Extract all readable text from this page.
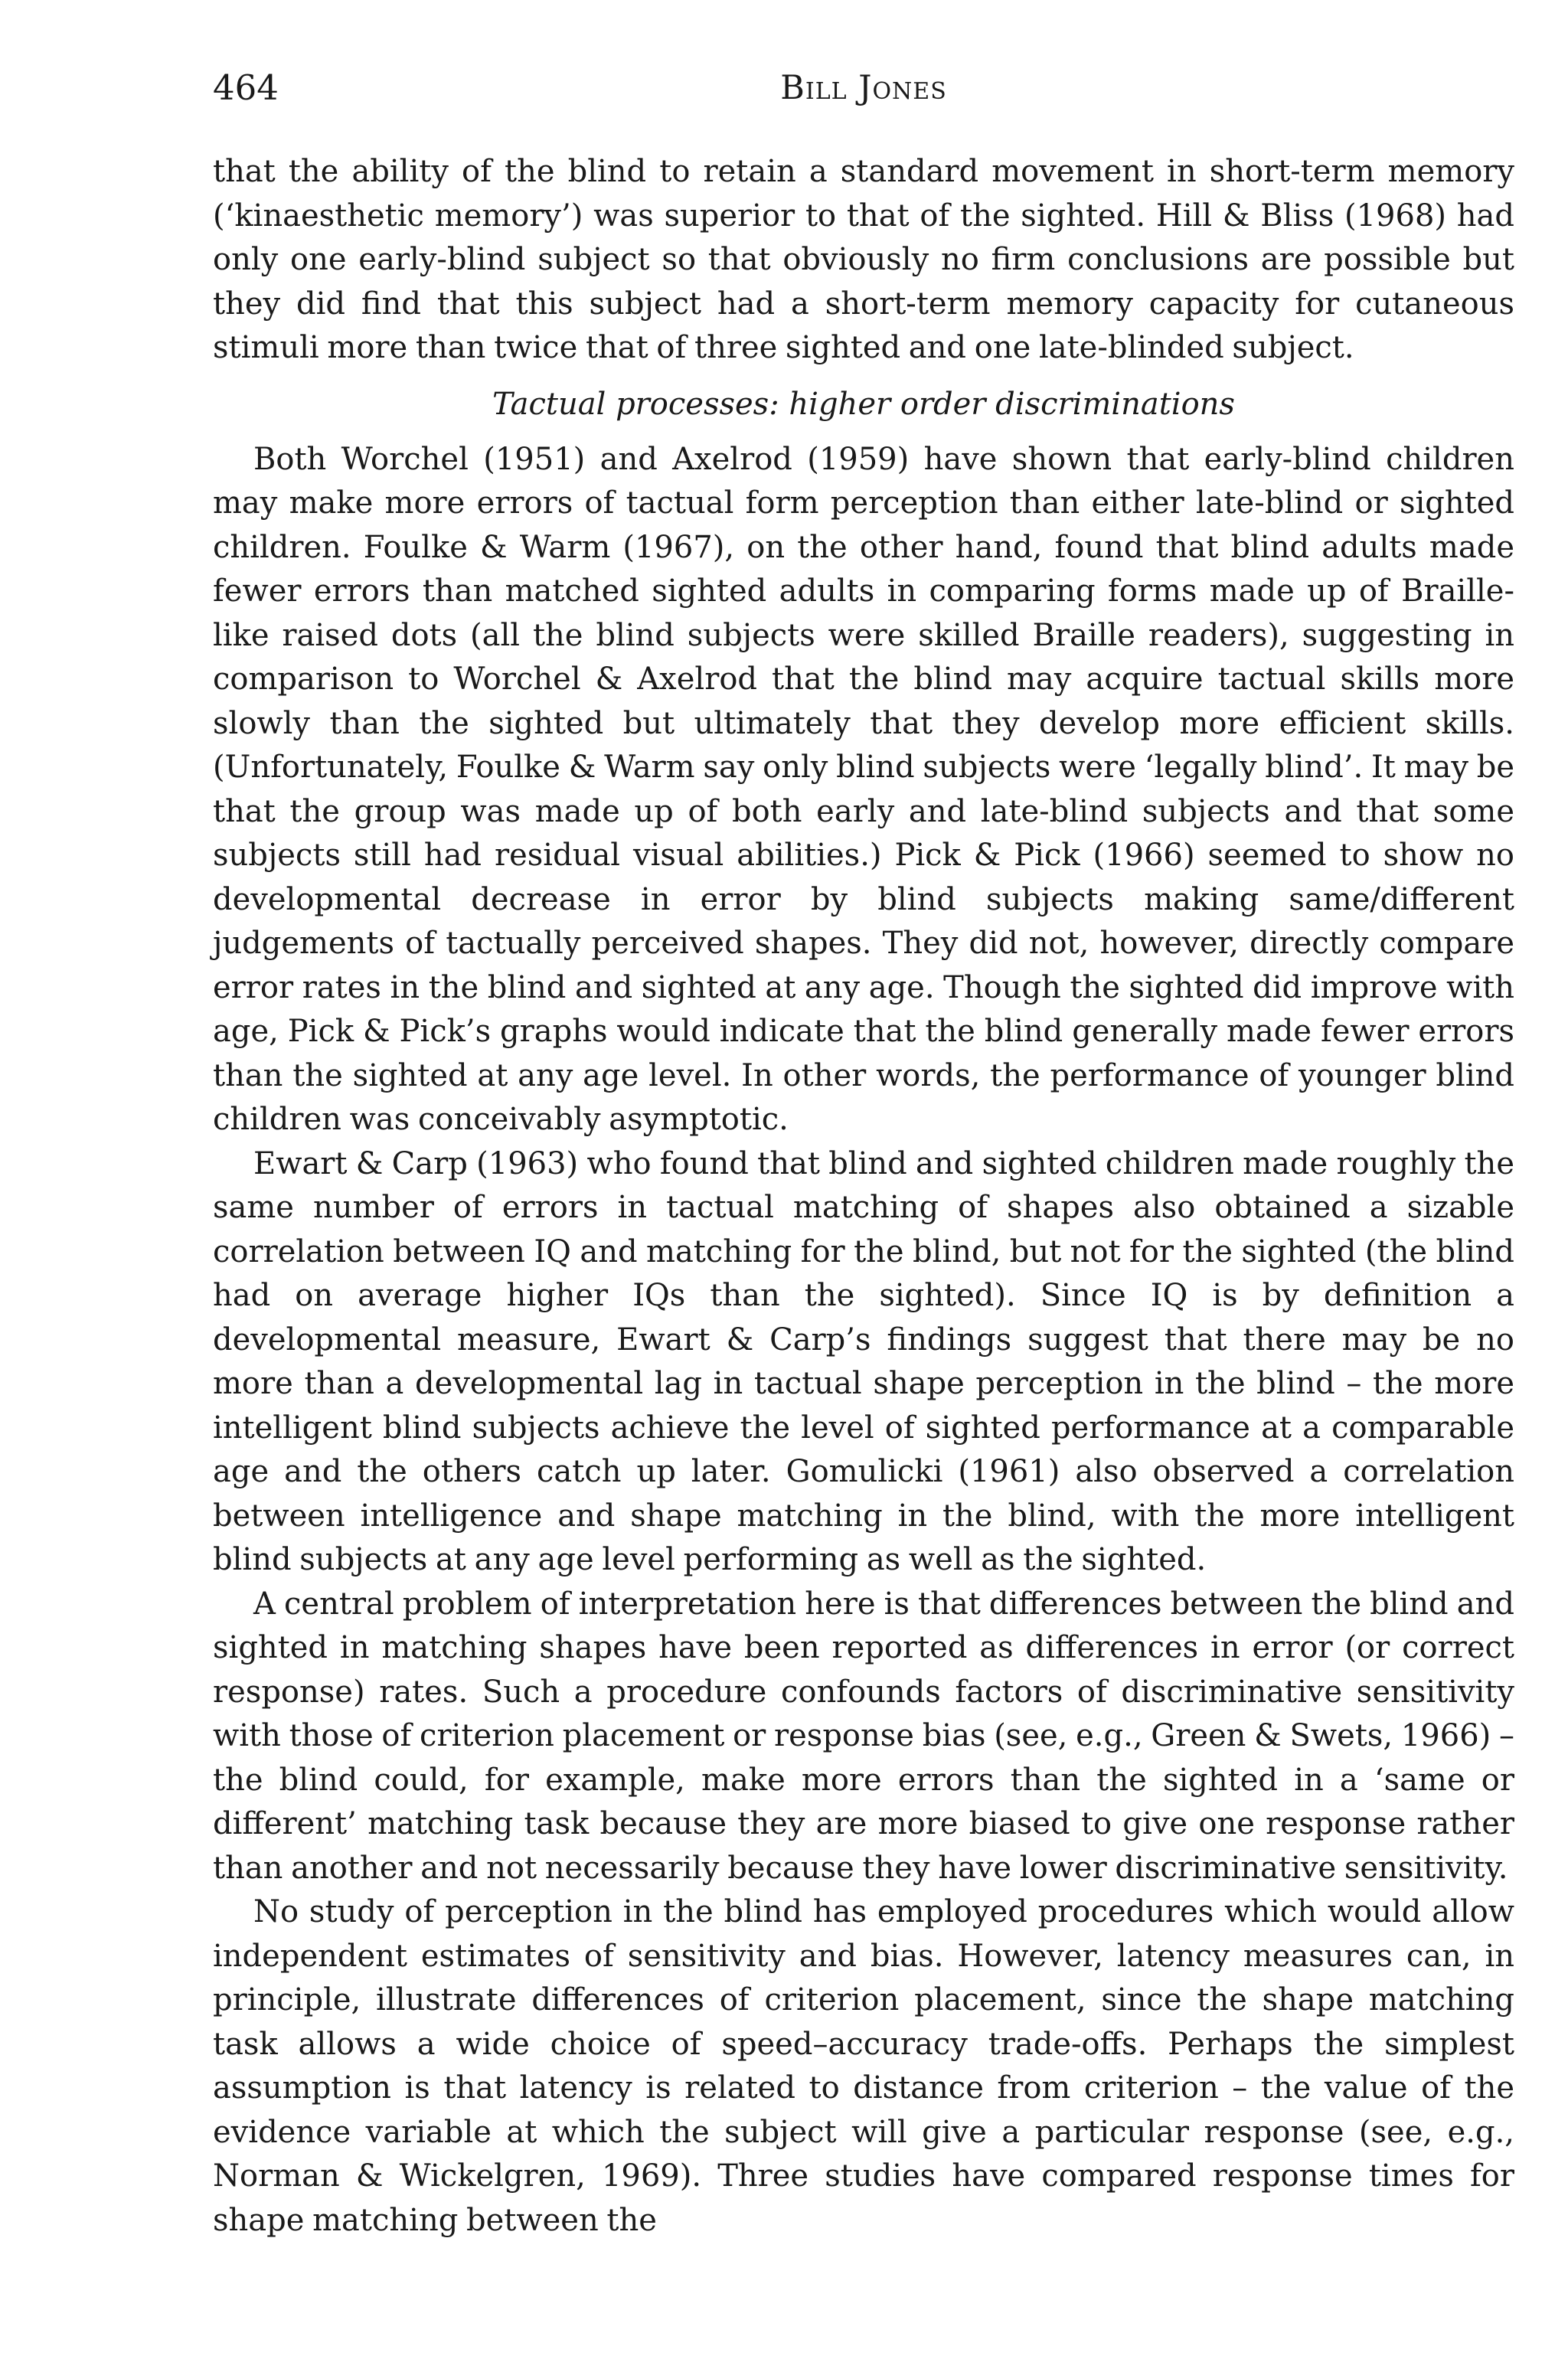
464	Bill Jones

that the ability of the blind to retain a standard movement in short-term memory (‘kinaesthetic memory’) was superior to that of the sighted. Hill & Bliss (1968) had only one early-blind subject so that obviously no firm conclusions are possible but they did find that this subject had a short-term memory capacity for cutaneous stimuli more than twice that of three sighted and one late-blinded subject.

Tactual processes: higher order discriminations

Both Worchel (1951) and Axelrod (1959) have shown that early-blind children may make more errors of tactual form perception than either late-blind or sighted children. Foulke & Warm (1967), on the other hand, found that blind adults made fewer errors than matched sighted adults in comparing forms made up of Braille-like raised dots (all the blind subjects were skilled Braille readers), suggesting in comparison to Worchel & Axelrod that the blind may acquire tactual skills more slowly than the sighted but ultimately that they develop more efficient skills. (Unfortunately, Foulke & Warm say only blind subjects were ‘legally blind’. It may be that the group was made up of both early and late-blind subjects and that some subjects still had residual visual abilities.) Pick & Pick (1966) seemed to show no developmental decrease in error by blind subjects making same/different judgements of tactually perceived shapes. They did not, however, directly compare error rates in the blind and sighted at any age. Though the sighted did improve with age, Pick & Pick’s graphs would indicate that the blind generally made fewer errors than the sighted at any age level. In other words, the performance of younger blind children was conceivably asymptotic.

Ewart & Carp (1963) who found that blind and sighted children made roughly the same number of errors in tactual matching of shapes also obtained a sizable correlation between IQ and matching for the blind, but not for the sighted (the blind had on average higher IQs than the sighted). Since IQ is by definition a developmental measure, Ewart & Carp’s findings suggest that there may be no more than a developmental lag in tactual shape perception in the blind – the more intelligent blind subjects achieve the level of sighted performance at a comparable age and the others catch up later. Gomulicki (1961) also observed a correlation between intelligence and shape matching in the blind, with the more intelligent blind subjects at any age level performing as well as the sighted.

A central problem of interpretation here is that differences between the blind and sighted in matching shapes have been reported as differences in error (or correct response) rates. Such a procedure confounds factors of discriminative sensitivity with those of criterion placement or response bias (see, e.g., Green & Swets, 1966) – the blind could, for example, make more errors than the sighted in a ‘same or different’ matching task because they are more biased to give one response rather than another and not necessarily because they have lower discriminative sensitivity.

No study of perception in the blind has employed procedures which would allow independent estimates of sensitivity and bias. However, latency measures can, in principle, illustrate differences of criterion placement, since the shape matching task allows a wide choice of speed–accuracy trade-offs. Perhaps the simplest assumption is that latency is related to distance from criterion – the value of the evidence variable at which the subject will give a particular response (see, e.g., Norman & Wickelgren, 1969). Three studies have compared response times for shape matching between the
